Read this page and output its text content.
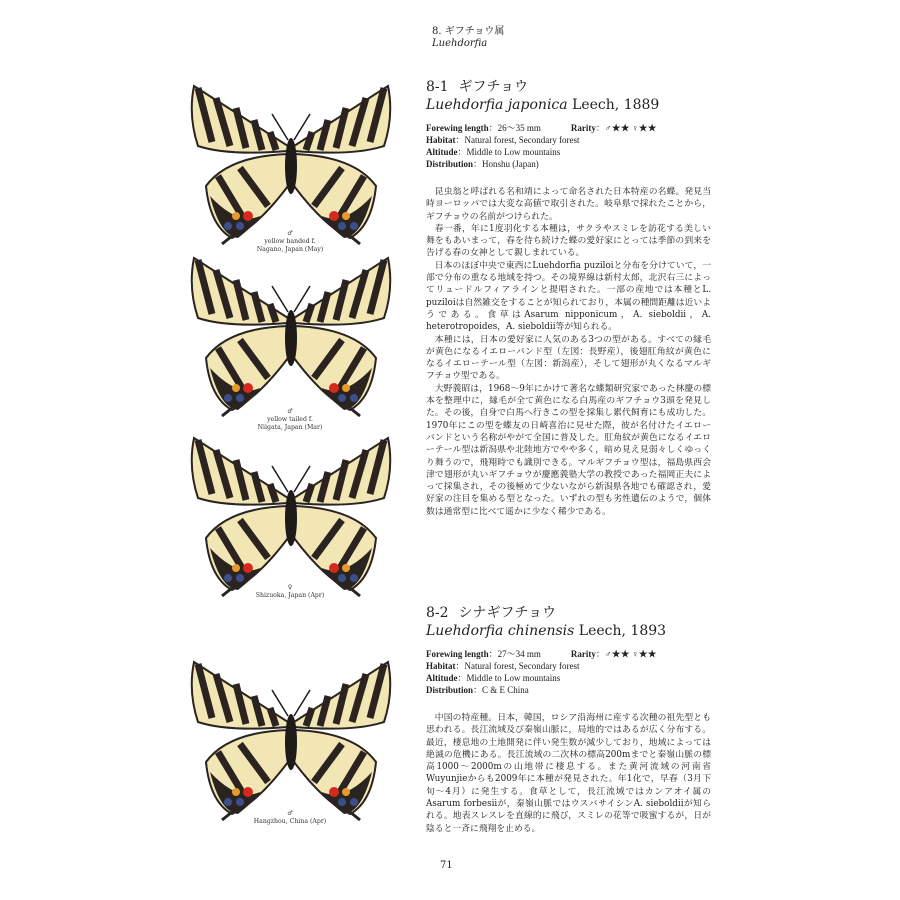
8. ギフチョウ属
Luehdorfia
♂
yellow banded f.
Nagano, Japan (May)
♂
yellow tailed f.
Niigata, Japan (Mar)
♀
Shizuoka, Japan (Apr)
♂
Hangzhou, China (Apr)
8-1 ギフチョウ
Luehdorfia japonica Leech, 1889
Forewing length：26〜35 mm	Rarity：♂★★ ♀★★
Habitat：Natural forest, Secondary forest
Altitude：Middle to Low mountains
Distribution：Honshu (Japan)

昆虫翁と呼ばれる名和靖によって命名された日本特産の名蝶。発見当時ヨーロッパでは大変な高値で取引された。岐阜県で採れたことから，ギフチョウの名前がつけられた。

春一番，年に1度羽化する本種は，サクラやスミレを訪花する美しい舞をもあいまって，春を待ち続けた蝶の愛好家にとっては季節の到来を告げる春の女神として親しまれている。

日本のほぼ中央で東西にLuehdorfia puziloiと分布を分けていて，一部で分布の重なる地域を持つ。その境界線は新村太郎，北沢右三によってリュードルフィアラインと提唱された。一部の産地では本種とL. puziloiは自然雑交をすることが知られており，本属の種間距離は近いようである。食草はAsarum nipponicum，A. sieboldii，A. heterotropoides，A. sieboldii等が知られる。

本種には，日本の愛好家に人気のある3つの型がある。すべての縁毛が黄色になるイエローバンド型（左図：長野産），後翅肛角紋が黄色になるイエローテール型（左図：新潟産），そして翅形が丸くなるマルギフチョウ型である。

大野義昭は，1968〜9年にかけて著名な蝶類研究家であった林慶の標本を整理中に，縁毛が全て黄色になる白馬産のギフチョウ3頭を発見した。その後，自身で白馬へ行きこの型を採集し累代飼育にも成功した。1970年にこの型を蝶友の日崎喜治に見せた際，彼が名付けたイエローバンドという名称がやがて全国に普及した。肛角紋が黄色になるイエローテール型は新潟県や北陸地方でやや多く，暗め見え見弱々しくゆっくり舞うので，飛翔時でも識別できる。マルギフチョウ型は，福島県西会津で翅形が丸いギフチョウが慶應義塾大学の教授であった福岡正夫によって採集され，その後極めて少ないながら新潟県各地でも確認され，愛好家の注目を集める型となった。いずれの型も劣性遺伝のようで，個体数は通常型に比べて遥かに少なく稀少である。

8-2 シナギフチョウ
Luehdorfia chinensis Leech, 1893
Forewing length：27〜34 mm	Rarity：♂★★ ♀★★
Habitat：Natural forest, Secondary forest
Altitude：Middle to Low mountains
Distribution：C & E China

中国の特産種。日本，韓国，ロシア沿海州に産する次種の祖先型とも思われる。長江流域及び秦嶺山脈に，局地的ではあるが広く分布する。最近，棲息地の土地開発に伴い発生数が減少しており，地域によっては絶滅の危機にある。長江流域の二次林の標高200mまでと秦嶺山脈の標高1000〜2000mの山地帯に棲息する。また黄河流域の河南省Wuyunjieからも2009年に本種が発見された。年1化で，早春（3月下旬〜4月）に発生する。食草として，長江流域ではカンアオイ属のAsarum forbesiiが，秦嶺山脈ではウスバサイシンA. sieboldiiが知られる。地表スレスレを直線的に飛び，スミレの花等で吸蜜するが，日が陰ると一斉に飛翔を止める。

71
